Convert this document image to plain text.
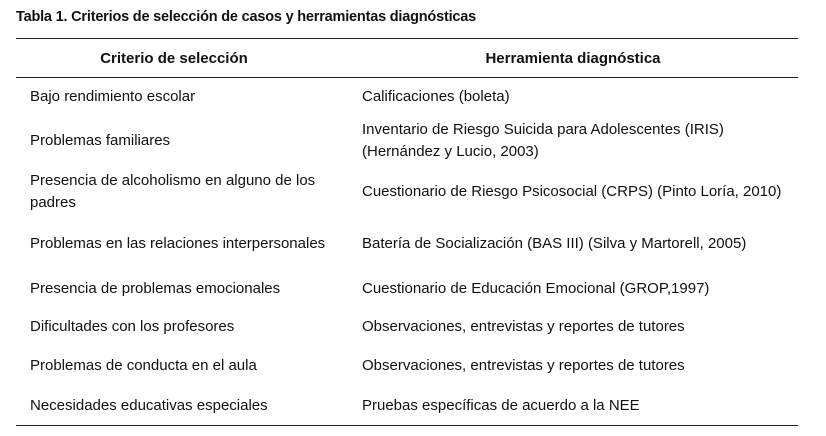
Tabla 1. Criterios de selección de casos y herramientas diagnósticas
Criterio de selección	Herramienta diagnóstica
Bajo rendimiento escolar	Calificaciones (boleta)
Problemas familiares	Inventario de Riesgo Suicida para Adolescentes (IRIS) (Hernández y Lucio, 2003)
Presencia de alcoholismo en alguno de los padres	Cuestionario de Riesgo Psicosocial (CRPS) (Pinto Loría, 2010)
Problemas en las relaciones interpersonales	Batería de Socialización (BAS III) (Silva y Martorell, 2005)
Presencia de problemas emocionales	Cuestionario de Educación Emocional (GROP,1997)
Dificultades con los profesores	Observaciones, entrevistas y reportes de tutores
Problemas de conducta en el aula	Observaciones, entrevistas y reportes de tutores
Necesidades educativas especiales	Pruebas específicas de acuerdo a la NEE
